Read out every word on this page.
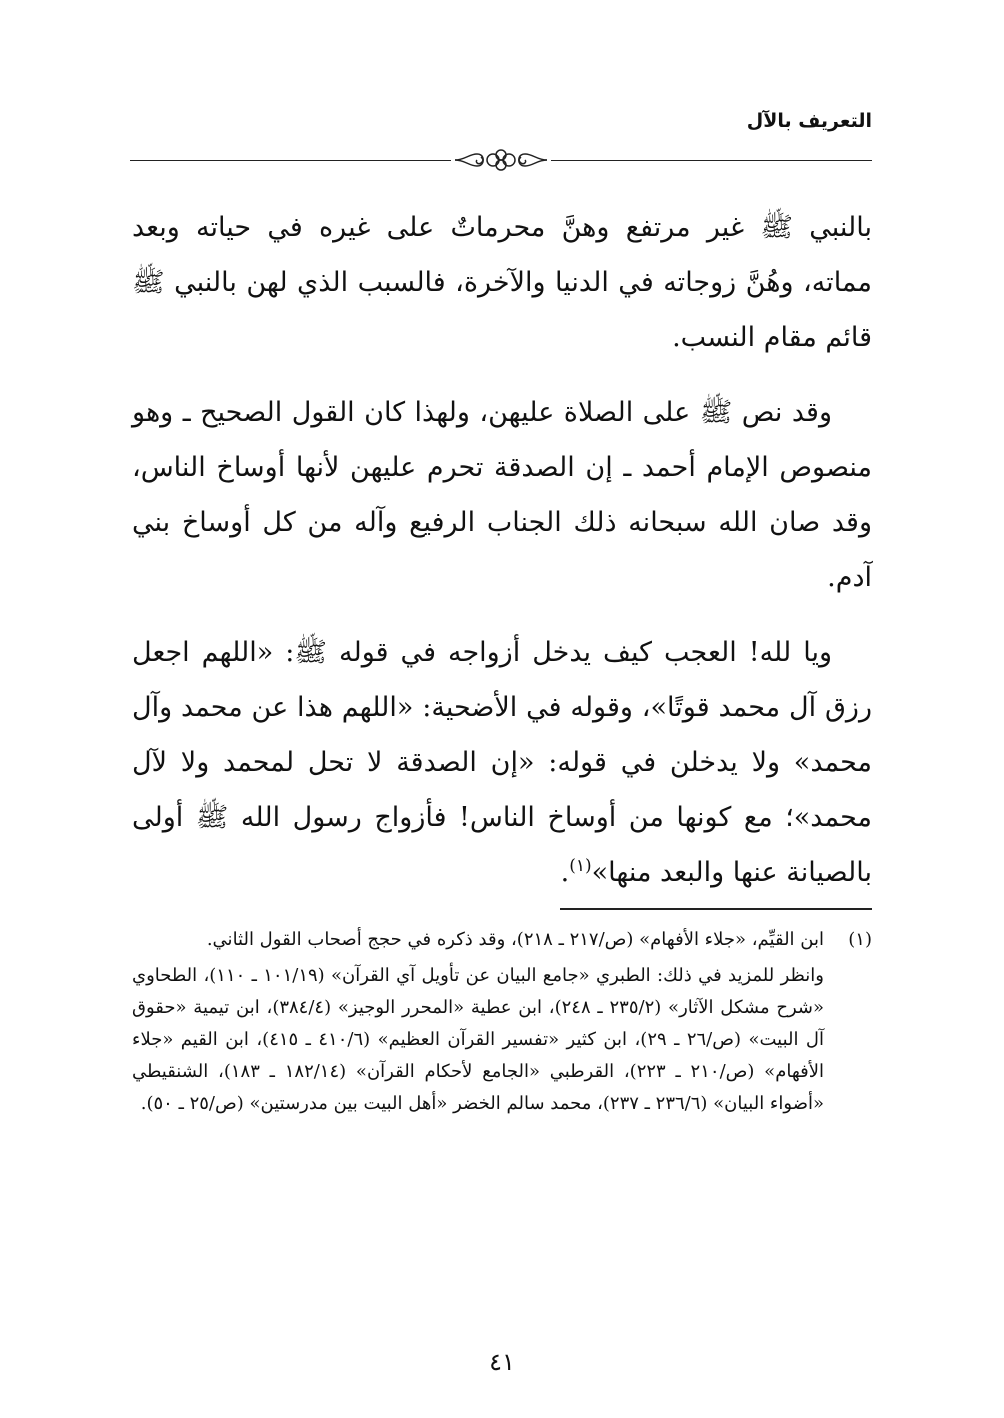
التعريف بالآل

بالنبي ﷺ غير مرتفع وهنَّ محرماتٌ على غيره في حياته وبعد مماته، وهُنَّ زوجاته في الدنيا والآخرة، فالسبب الذي لهن بالنبي ﷺ قائم مقام النسب.

وقد نص ﷺ على الصلاة عليهن، ولهذا كان القول الصحيح ـ وهو منصوص الإمام أحمد ـ إن الصدقة تحرم عليهن لأنها أوساخ الناس، وقد صان الله سبحانه ذلك الجناب الرفيع وآله من كل أوساخ بني آدم.

ويا لله! العجب كيف يدخل أزواجه في قوله ﷺ: «اللهم اجعل رزق آل محمد قوتًا»، وقوله في الأضحية: «اللهم هذا عن محمد وآل محمد» ولا يدخلن في قوله: «إن الصدقة لا تحل لمحمد ولا لآل محمد»؛ مع كونها من أوساخ الناس! فأزواج رسول الله ﷺ أولى بالصيانة عنها والبعد منها»$^{(١)}$.

(١)ابن القيِّم، «جلاء الأفهام» (ص/٢١٧ ـ ٢١٨)، وقد ذكره في حجج أصحاب القول الثاني.

وانظر للمزيد في ذلك: الطبري «جامع البيان عن تأويل آي القرآن» (١٠١/١٩ ـ ١١٠)، الطحاوي «شرح مشكل الآثار» (٢٣٥/٢ ـ ٢٤٨)، ابن عطية «المحرر الوجيز» (٣٨٤/٤)، ابن تيمية «حقوق آل البيت» (ص/٢٦ ـ ٢٩)، ابن كثير «تفسير القرآن العظيم» (٤١٠/٦ ـ ٤١٥)، ابن القيم «جلاء الأفهام» (ص/٢١٠ ـ ٢٢٣)، القرطبي «الجامع لأحكام القرآن» (١٨٢/١٤ ـ ١٨٣)، الشنقيطي «أضواء البيان» (٢٣٦/٦ ـ ٢٣٧)، محمد سالم الخضر «أهل البيت بين مدرستين» (ص/٢٥ ـ ٥٠).

٤١
